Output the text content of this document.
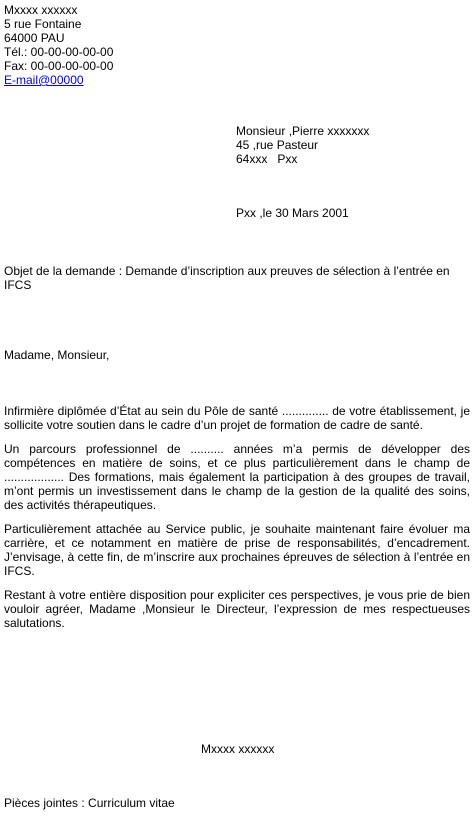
Mxxxx xxxxxx
5 rue Fontaine
64000 PAU
Tél.: 00-00-00-00-00
Fax: 00-00-00-00-00
E-mail@00000
Monsieur ,Pierre xxxxxxx
45 ,rue Pasteur
64xxx   Pxx
Pxx ,le 30 Mars 2001
Objet de la demande : Demande d’inscription aux preuves de sélection à l’entrée en IFCS
Madame, Monsieur,

Infirmière diplômée d’État au sein du Pôle de santé .............. de votre établissement, je sollicite votre soutien dans le cadre d’un projet de formation de cadre de santé.

Un parcours professionnel de .......... années m’a permis de développer des compétences en matière de soins, et ce plus particulièrement dans le champ de .................. Des formations, mais également la participation à des groupes de travail, m’ont permis un investissement dans le champ de la gestion de la qualité des soins, des activités thérapeutiques.

Particulièrement attachée au Service public, je souhaite maintenant faire évoluer ma carrière, et ce notamment en matière de prise de responsabilités, d’encadrement. J’envisage, à cette fin, de m’inscrire aux prochaines épreuves de sélection à l’entrée en IFCS.

Restant à votre entière disposition pour expliciter ces perspectives, je vous prie de bien vouloir agréer, Madame ,Monsieur le Directeur, l’expression de mes respectueuses salutations.

Mxxxx xxxxxx
Pièces jointes : Curriculum vitae
